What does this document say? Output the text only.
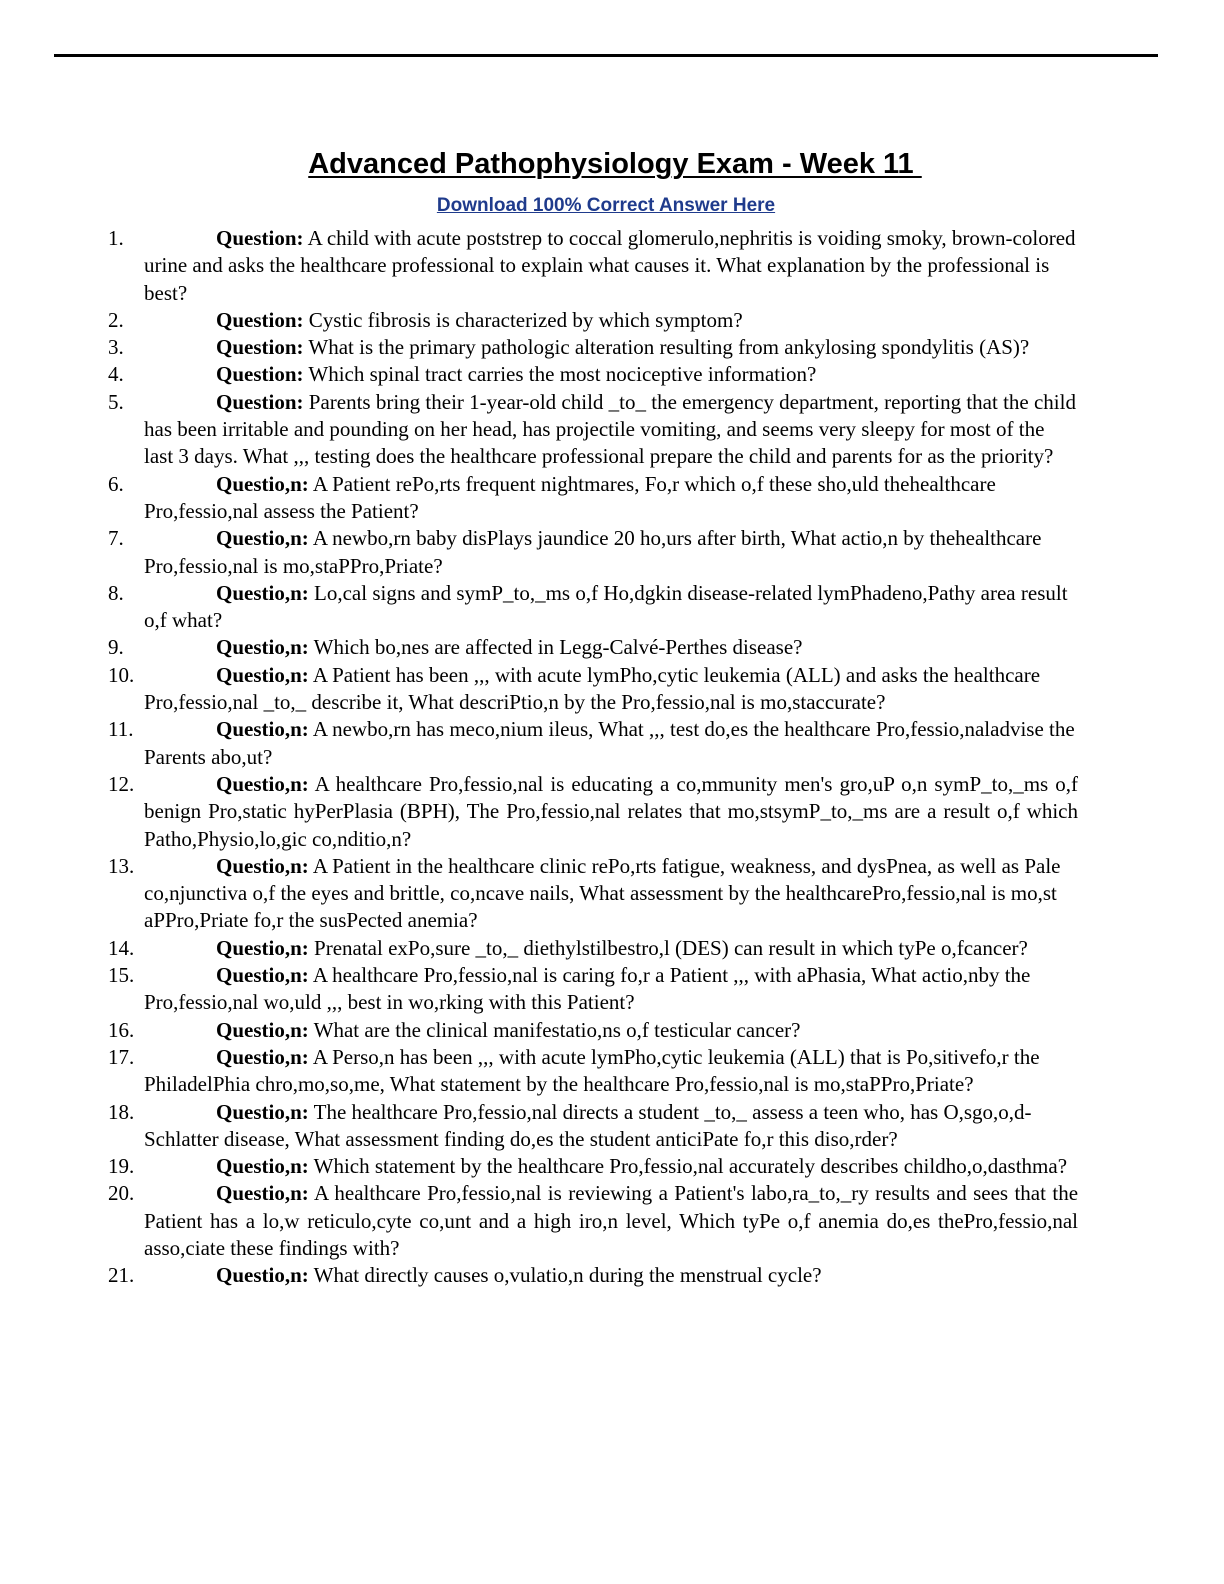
Advanced Pathophysiology Exam - Week 11
Download 100% Correct Answer Here
1.	Question: A child with acute poststrep to coccal glomerulo,nephritis is voiding smoky, brown-colored urine and asks the healthcare professional to explain what causes it. What explanation by the professional is best?
2.	Question: Cystic fibrosis is characterized by which symptom?
3.	Question: What is the primary pathologic alteration resulting from ankylosing spondylitis (AS)?
4.	Question: Which spinal tract carries the most nociceptive information?
5.	Question: Parents bring their 1-year-old child _to_ the emergency department, reporting that the child has been irritable and pounding on her head, has projectile vomiting, and seems very sleepy for most of the last 3 days. What ,,, testing does the healthcare professional prepare the child and parents for as the priority?
6.	Questio,n: A Patient rePo,rts frequent nightmares, Fo,r which o,f these sho,uld thehealthcare Pro,fessio,nal assess the Patient?
7.	Questio,n: A newbo,rn baby disPlays jaundice 20 ho,urs after birth, What actio,n by thehealthcare Pro,fessio,nal is mo,staPPro,Priate?
8.	Questio,n: Lo,cal signs and symP_to,_ms o,f Ho,dgkin disease-related lymPhadeno,Pathy area result o,f what?
9.	Questio,n: Which bo,nes are affected in Legg-Calvé-Perthes disease?
10.	Questio,n: A Patient has been ,,, with acute lymPho,cytic leukemia (ALL) and asks the healthcare Pro,fessio,nal _to,_ describe it, What descriPtio,n by the Pro,fessio,nal is mo,staccurate?
11.	Questio,n: A newbo,rn has meco,nium ileus, What ,,, test do,es the healthcare Pro,fessio,naladvise the Parents abo,ut?
12.	Questio,n: A healthcare Pro,fessio,nal is educating a co,mmunity men's gro,uP o,n symP_to,_ms o,f benign Pro,static hyPerPlasia (BPH), The Pro,fessio,nal relates that mo,stsymP_to,_ms are a result o,f which Patho,Physio,lo,gic co,nditio,n?
13.	Questio,n: A Patient in the healthcare clinic rePo,rts fatigue, weakness, and dysPnea, as well as Pale co,njunctiva o,f the eyes and brittle, co,ncave nails, What assessment by the healthcarePro,fessio,nal is mo,st aPPro,Priate fo,r the susPected anemia?
14.	Questio,n: Prenatal exPo,sure _to,_ diethylstilbestro,l (DES) can result in which tyPe o,fcancer?
15.	Questio,n: A healthcare Pro,fessio,nal is caring fo,r a Patient ,,, with aPhasia, What actio,nby the Pro,fessio,nal wo,uld ,,, best in wo,rking with this Patient?
16.	Questio,n: What are the clinical manifestatio,ns o,f testicular cancer?
17.	Questio,n: A Perso,n has been ,,, with acute lymPho,cytic leukemia (ALL) that is Po,sitivefo,r the PhiladelPhia chro,mo,so,me, What statement by the healthcare Pro,fessio,nal is mo,staPPro,Priate?
18.	Questio,n: The healthcare Pro,fessio,nal directs a student _to,_ assess a teen who, has O,sgo,o,d-Schlatter disease, What assessment finding do,es the student anticiPate fo,r this diso,rder?
19.	Questio,n: Which statement by the healthcare Pro,fessio,nal accurately describes childho,o,dasthma?
20.	Questio,n: A healthcare Pro,fessio,nal is reviewing a Patient's labo,ra_to,_ry results and sees that the Patient has a lo,w reticulo,cyte co,unt and a high iro,n level, Which tyPe o,f anemia do,es thePro,fessio,nal asso,ciate these findings with?
21.	Questio,n: What directly causes o,vulatio,n during the menstrual cycle?
